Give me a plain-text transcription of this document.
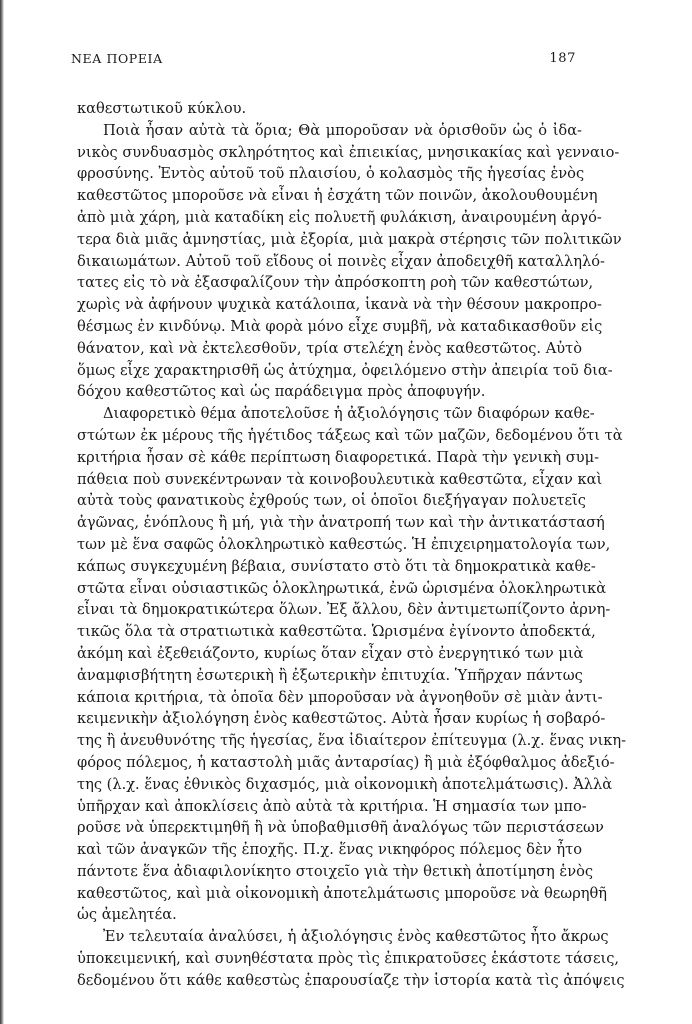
ΝΕΑ ΠΟΡΕΙΑ	187
καθεστωτικοῦ κύκλου.
Ποιὰ ἦσαν αὐτὰ τὰ ὅρια; Θὰ μποροῦσαν νὰ ὁρισθοῦν ὡς ὁ ἰδα-
νικὸς συνδυασμὸς σκληρότητος καὶ ἐπιεικίας, μνησικακίας καὶ γενναιο-
φροσύνης. Ἐντὸς αὐτοῦ τοῦ πλαισίου, ὁ κολασμὸς τῆς ἡγεσίας ἑνὸς
καθεστῶτος μποροῦσε νὰ εἶναι ἡ ἐσχάτη τῶν ποινῶν, ἀκολουθουμένη
ἀπὸ μιὰ χάρη, μιὰ καταδίκη εἰς πολυετῆ φυλάκιση, ἀναιρουμένη ἀργό-
τερα διὰ μιᾶς ἀμνηστίας, μιὰ ἐξορία, μιὰ μακρὰ στέρησις τῶν πολιτικῶν
δικαιωμάτων. Αὐτοῦ τοῦ εἴδους οἱ ποινὲς εἶχαν ἀποδειχθῆ καταλληλό-
τατες εἰς τὸ νὰ ἐξασφαλίζουν τὴν ἀπρόσκοπτη ροὴ τῶν καθεστώτων,
χωρὶς νὰ ἀφήνουν ψυχικὰ κατάλοιπα, ἱκανὰ νὰ τὴν θέσουν μακροπρο-
θέσμως ἐν κινδύνῳ. Μιὰ φορὰ μόνο εἶχε συμβῆ, νὰ καταδικασθοῦν εἰς
θάνατον, καὶ νὰ ἐκτελεσθοῦν, τρία στελέχη ἑνὸς καθεστῶτος. Αὐτὸ
ὅμως εἶχε χαρακτηρισθῆ ὡς ἀτύχημα, ὀφειλόμενο στὴν ἀπειρία τοῦ δια-
δόχου καθεστῶτος καὶ ὡς παράδειγμα πρὸς ἀποφυγήν.
Διαφορετικὸ θέμα ἀποτελοῦσε ἡ ἀξιολόγησις τῶν διαφόρων καθε-
στώτων ἐκ μέρους τῆς ἡγέτιδος τάξεως καὶ τῶν μαζῶν, δεδομένου ὅτι τὰ
κριτήρια ἦσαν σὲ κάθε περίπτωση διαφορετικά. Παρὰ τὴν γενικὴ συμ-
πάθεια ποὺ συνεκέντρωναν τὰ κοινοβουλευτικὰ καθεστῶτα, εἶχαν καὶ
αὐτὰ τοὺς φανατικοὺς ἐχθρούς των, οἱ ὁποῖοι διεξήγαγαν πολυετεῖς
ἀγῶνας, ἐνόπλους ἢ μή, γιὰ τὴν ἀνατροπή των καὶ τὴν ἀντικατάστασή
των μὲ ἕνα σαφῶς ὁλοκληρωτικὸ καθεστώς. Ἡ ἐπιχειρηματολογία των,
κάπως συγκεχυμένη βέβαια, συνίστατο στὸ ὅτι τὰ δημοκρατικὰ καθε-
στῶτα εἶναι οὐσιαστικῶς ὁλοκληρωτικά, ἐνῶ ὡρισμένα ὁλοκληρωτικὰ
εἶναι τὰ δημοκρατικώτερα ὅλων. Ἐξ ἄλλου, δὲν ἀντιμετωπίζοντο ἀρνη-
τικῶς ὅλα τὰ στρατιωτικὰ καθεστῶτα. Ὡρισμένα ἐγίνοντο ἀποδεκτά,
ἀκόμη καὶ ἐξεθειάζοντο, κυρίως ὅταν εἶχαν στὸ ἐνεργητικό των μιὰ
ἀναμφισβήτητη ἐσωτερικὴ ἢ ἐξωτερικὴν ἐπιτυχία. Ὑπῆρχαν πάντως
κάποια κριτήρια, τὰ ὁποῖα δὲν μποροῦσαν νὰ ἀγνοηθοῦν σὲ μιὰν ἀντι-
κειμενικὴν ἀξιολόγηση ἑνὸς καθεστῶτος. Αὐτὰ ἦσαν κυρίως ἡ σοβαρό-
της ἢ ἀνευθυνότης τῆς ἡγεσίας, ἕνα ἰδιαίτερον ἐπίτευγμα (λ.χ. ἕνας νικη-
φόρος πόλεμος, ἡ καταστολὴ μιᾶς ἀνταρσίας) ἢ μιὰ ἐξόφθαλμος ἀδεξιό-
της (λ.χ. ἕνας ἐθνικὸς διχασμός, μιὰ οἰκονομικὴ ἀποτελμάτωσις). Ἀλλὰ
ὑπῆρχαν καὶ ἀποκλίσεις ἀπὸ αὐτὰ τὰ κριτήρια. Ἡ σημασία των μπο-
ροῦσε νὰ ὑπερεκτιμηθῆ ἢ νὰ ὑποβαθμισθῆ ἀναλόγως τῶν περιστάσεων
καὶ τῶν ἀναγκῶν τῆς ἐποχῆς. Π.χ. ἕνας νικηφόρος πόλεμος δὲν ἦτο
πάντοτε ἕνα ἀδιαφιλονίκητο στοιχεῖο γιὰ τὴν θετικὴ ἀποτίμηση ἑνὸς
καθεστῶτος, καὶ μιὰ οἰκονομικὴ ἀποτελμάτωσις μποροῦσε νὰ θεωρηθῆ
ὡς ἀμελητέα.
Ἐν τελευταία ἀναλύσει, ἡ ἀξιολόγησις ἑνὸς καθεστῶτος ἦτο ἄκρως
ὑποκειμενική, καὶ συνηθέστατα πρὸς τὶς ἐπικρατοῦσες ἑκάστοτε τάσεις,
δεδομένου ὅτι κάθε καθεστὼς ἐπαρουσίαζε τὴν ἱστορία κατὰ τὶς ἀπόψεις
